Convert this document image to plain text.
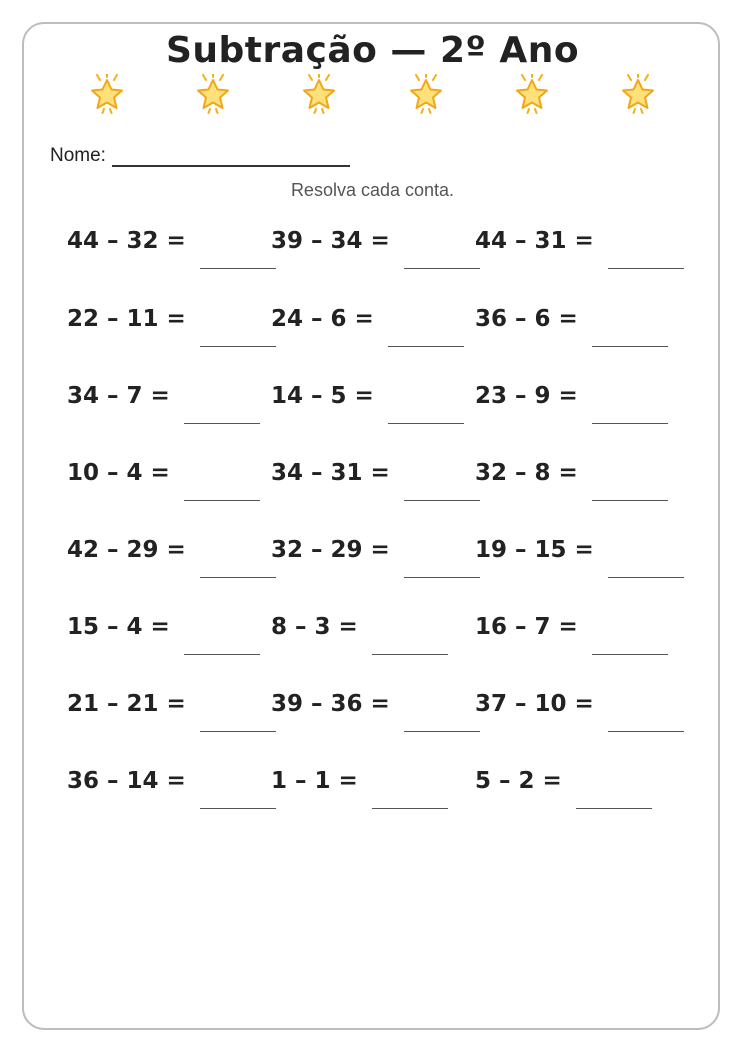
Subtração — 2º Ano
Nome:
Resolva cada conta.
44 – 32 =	39 – 34 =	44 – 31 =
22 – 11 =	24 – 6 =	36 – 6 =
34 – 7 =	14 – 5 =	23 – 9 =
10 – 4 =	34 – 31 =	32 – 8 =
42 – 29 =	32 – 29 =	19 – 15 =
15 – 4 =	8 – 3 =	16 – 7 =
21 – 21 =	39 – 36 =	37 – 10 =
36 – 14 =	1 – 1 =	5 – 2 =
